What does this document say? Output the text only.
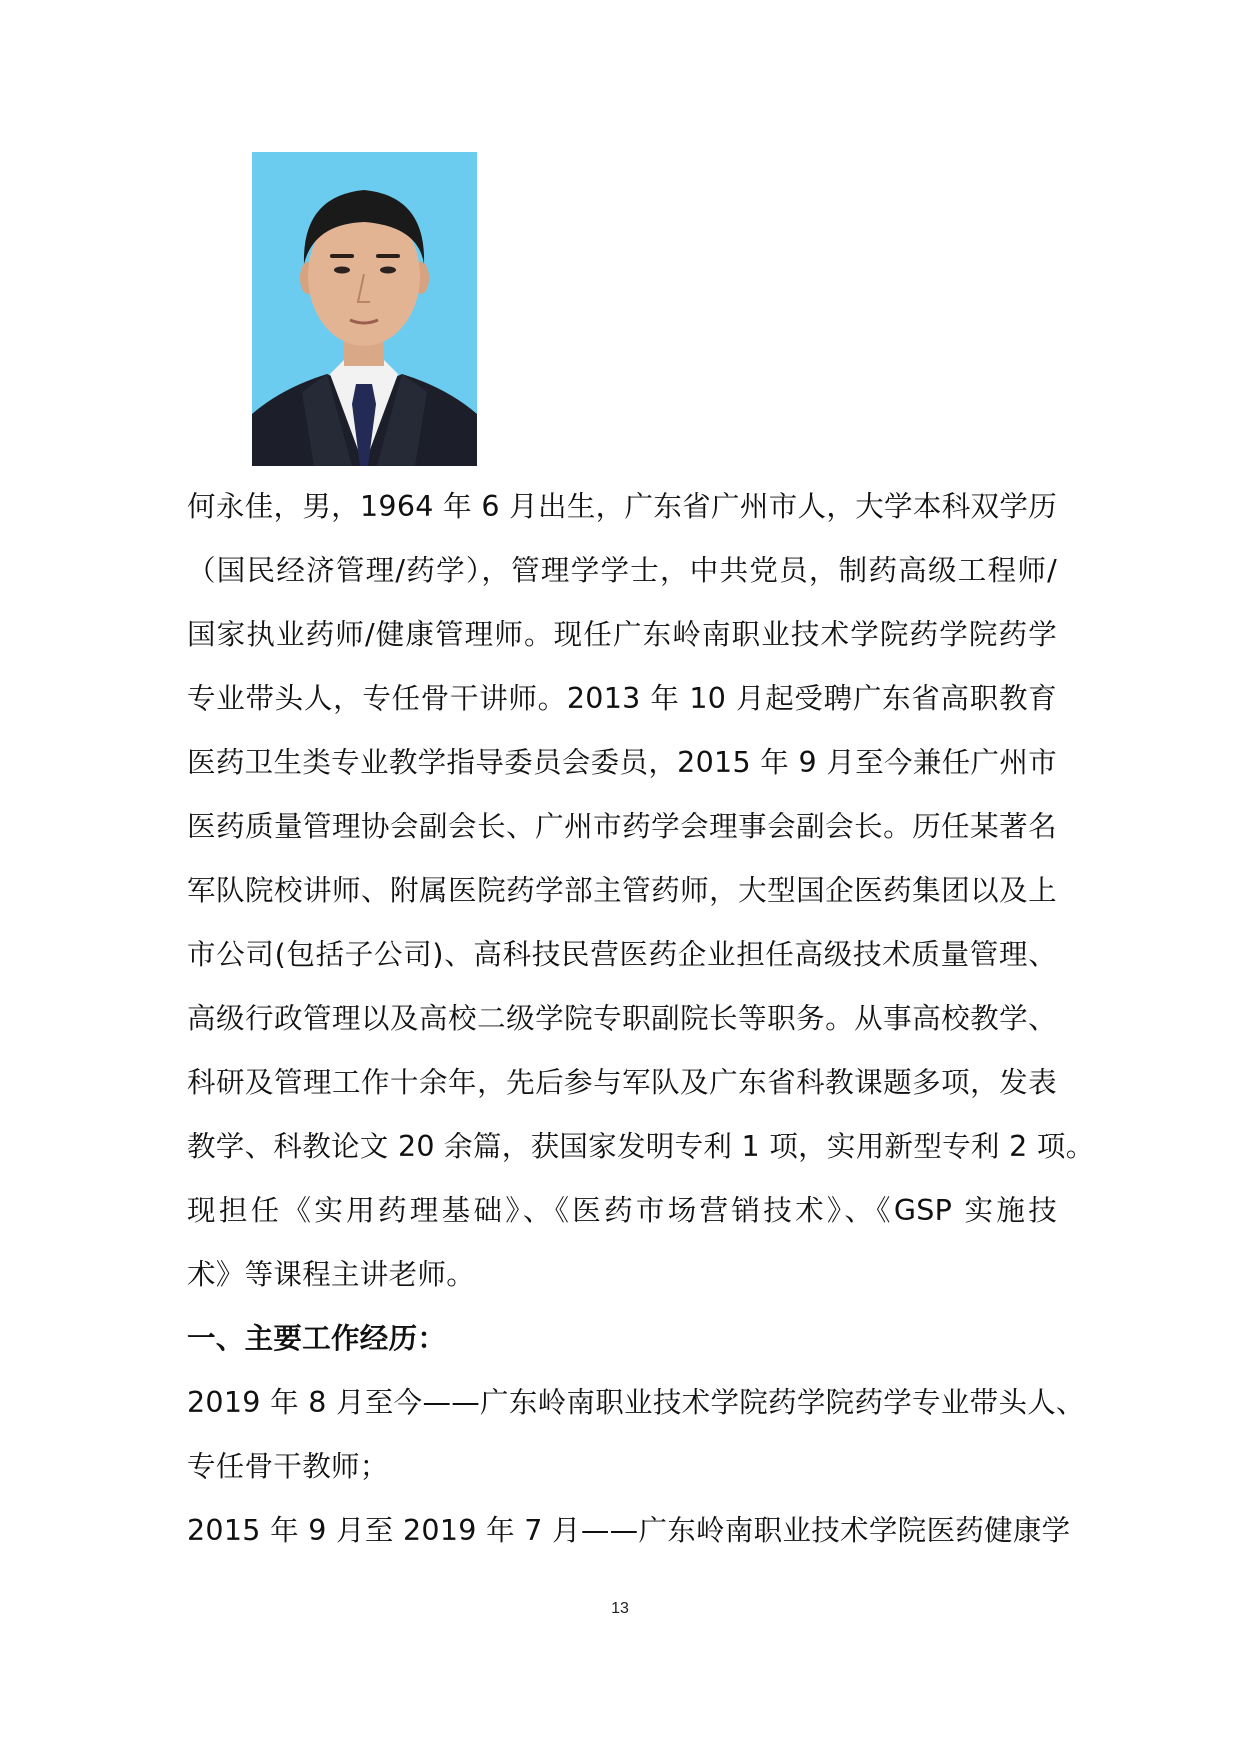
何永佳，男，1964 年 6 月出生，广东省广州市人，大学本科双学历
（国民经济管理/药学），管理学学士，中共党员，制药高级工程师/
国家执业药师/健康管理师。现任广东岭南职业技术学院药学院药学
专业带头人，专任骨干讲师。2013 年 10 月起受聘广东省高职教育
医药卫生类专业教学指导委员会委员，2015 年 9 月至今兼任广州市
医药质量管理协会副会长、广州市药学会理事会副会长。历任某著名
军队院校讲师、附属医院药学部主管药师，大型国企医药集团以及上
市公司(包括子公司)、高科技民营医药企业担任高级技术质量管理、
高级行政管理以及高校二级学院专职副院长等职务。从事高校教学、
科研及管理工作十余年，先后参与军队及广东省科教课题多项，发表
教学、科教论文 20 余篇，获国家发明专利 1 项，实用新型专利 2 项。
现担任《实用药理基础》、《医药市场营销技术》、《GSP 实施技
术》等课程主讲老师。
一、主要工作经历：
2019 年 8 月至今——广东岭南职业技术学院药学院药学专业带头人、
专任骨干教师；
2015 年 9 月至 2019 年 7 月——广东岭南职业技术学院医药健康学
13
